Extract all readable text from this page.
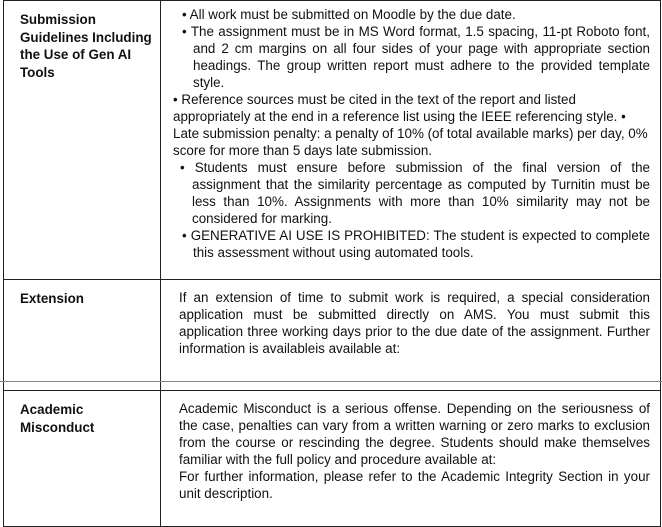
Submission Guidelines Including the Use of Gen AI Tools	• All work must be submitted on Moodle by the due date.

• The assignment must be in MS Word format, 1.5 spacing, 11-pt Roboto font, and 2 cm margins on all four sides of your page with appropriate section headings. The group written report must adhere to the provided template style.

• Reference sources must be cited in the text of the report and listed appropriately at the end in a reference list using the IEEE referencing style. • Late submission penalty: a penalty of 10% (of total available marks) per day, 0% score for more than 5 days late submission.

• Students must ensure before submission of the final version of the assignment that the similarity percentage as computed by Turnitin must be less than 10%. Assignments with more than 10% similarity may not be considered for marking.

• GENERATIVE AI USE IS PROHIBITED: The student is expected to complete this assessment without using automated tools.

Extension	If an extension of time to submit work is required, a special consideration application must be submitted directly on AMS. You must submit this application three working days prior to the due date of the assignment. Further information is availableis available at:

Academic Misconduct	Academic Misconduct is a serious offense. Depending on the seriousness of the case, penalties can vary from a written warning or zero marks to exclusion from the course or rescinding the degree. Students should make themselves familiar with the full policy and procedure available at:

For further information, please refer to the Academic Integrity Section in your unit description.
